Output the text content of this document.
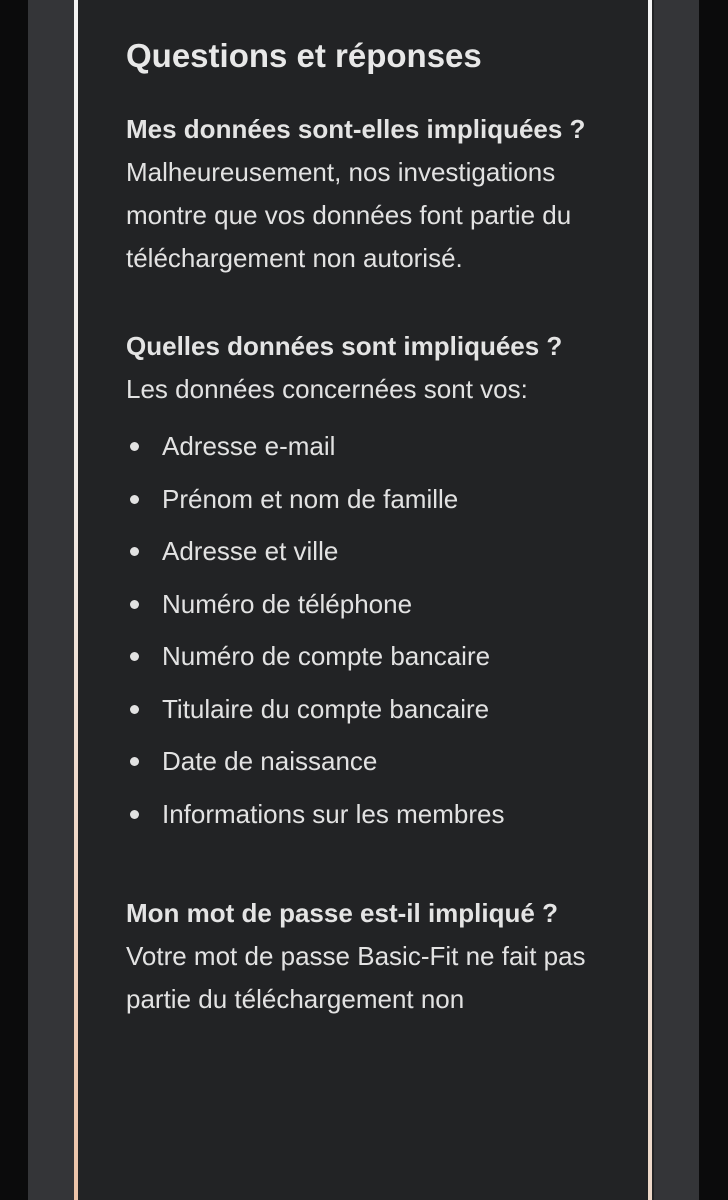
Questions et réponses

Mes données sont-elles impliquées ?

Malheureusement, nos investigations montre que vos données font partie du téléchargement non autorisé.

Quelles données sont impliquées ?

Les données concernées sont vos:

Adresse e-mail
Prénom et nom de famille
Adresse et ville
Numéro de téléphone
Numéro de compte bancaire
Titulaire du compte bancaire
Date de naissance
Informations sur les membres

Mon mot de passe est-il impliqué ?

Votre mot de passe Basic-Fit ne fait pas partie du téléchargement non
